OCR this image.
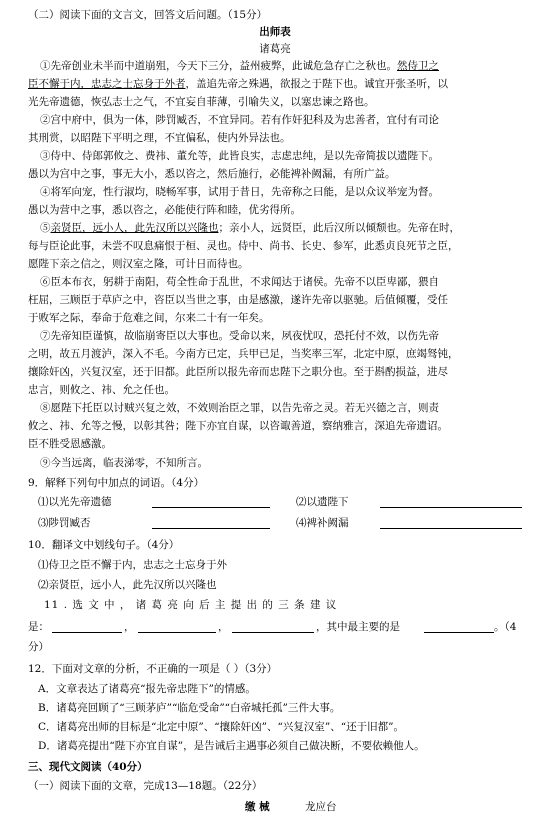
（二）阅读下面的文言文，回答文后问题。（15分）
出师表
诸葛亮
①先帝创业未半而中道崩殂，今天下三分，益州疲弊，此诚危急存亡之秋也。然侍卫之
臣不懈于内，忠志之士忘身于外者，盖追先帝之殊遇，欲报之于陛下也。诚宜开张圣听，以
光先帝遗德，恢弘志士之气，不宜妄自菲薄，引喻失义，以塞忠谏之路也。
②宫中府中，俱为一体，陟罚臧否，不宜异同。若有作奸犯科及为忠善者，宜付有司论
其刑赏，以昭陛下平明之理，不宜偏私，使内外异法也。
③侍中、侍郎郭攸之、费祎、董允等，此皆良实，志虑忠纯，是以先帝简拔以遗陛下。
愚以为宫中之事，事无大小，悉以咨之，然后施行，必能裨补阙漏，有所广益。
④将军向宠，性行淑均，晓畅军事，试用于昔日，先帝称之曰能，是以众议举宠为督。
愚以为营中之事，悉以咨之，必能使行阵和睦，优劣得所。
⑤亲贤臣，远小人，此先汉所以兴隆也；亲小人，远贤臣，此后汉所以倾颓也。先帝在时，
每与臣论此事，未尝不叹息痛恨于桓、灵也。侍中、尚书、长史、参军，此悉贞良死节之臣，
愿陛下亲之信之，则汉室之隆，可计日而待也。
⑥臣本布衣，躬耕于南阳，苟全性命于乱世，不求闻达于诸侯。先帝不以臣卑鄙，猥自
枉屈，三顾臣于草庐之中，咨臣以当世之事，由是感激，遂许先帝以驱驰。后值倾覆，受任
于败军之际，奉命于危难之间，尔来二十有一年矣。
⑦先帝知臣谨慎，故临崩寄臣以大事也。受命以来，夙夜忧叹，恐托付不效，以伤先帝
之明，故五月渡泸，深入不毛。今南方已定，兵甲已足，当奖率三军，北定中原，庶竭驽钝，
攘除奸凶，兴复汉室，还于旧都。此臣所以报先帝而忠陛下之职分也。至于斟酌损益，进尽
忠言，则攸之、祎、允之任也。
⑧愿陛下托臣以讨贼兴复之效，不效则治臣之罪，以告先帝之灵。若无兴德之言，则责
攸之、祎、允等之慢，以彰其咎；陛下亦宜自谋，以咨诹善道，察纳雅言，深追先帝遗诏。
臣不胜受恩感激。
⑨今当远离，临表涕零，不知所言。
9．解释下列句中加点的词语。（4分）
⑴以光先帝遗德	⑵以遗陛下
⑶陟罚臧否	⑷裨补阙漏
10．翻译文中划线句子。（4分）
⑴侍卫之臣不懈于内，忠志之士忘身于外
⑵亲贤臣，远小人，此先汉所以兴隆也
11 . 选 文 中 ， 诸 葛 亮 向 后 主 提 出 的 三 条 建 议
是：	，	，	，其中最主要的是	。（4
分）
12．下面对文章的分析，不正确的一项是（ ）（3分）
A．文章表达了诸葛亮“报先帝忠陛下”的情感。
B．诸葛亮回顾了“三顾茅庐”“临危受命”“白帝城托孤”三件大事。
C．诸葛亮出师的目标是“北定中原”、“攘除奸凶”、“兴复汉室”、“还于旧都”。
D．诸葛亮提出“陛下亦宜自谋”，是告诫后主遇事必须自己做决断，不要依赖他人。
三、现代文阅读（40分）
（一）阅读下面的文章，完成13—18题。（22分）
缴 械	龙应台
